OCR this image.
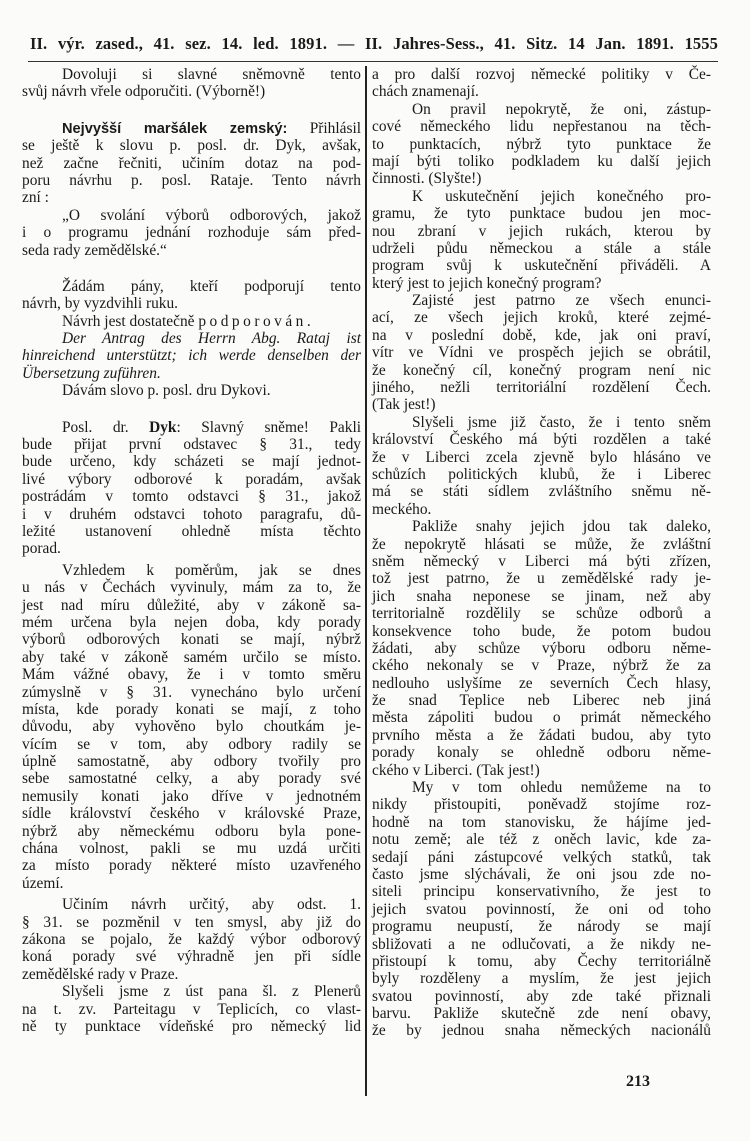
II. výr. zased., 41. sez. 14. led. 1891. — II. Jahres-Sess., 41. Sitz. 14 Jan. 1891. 1555
Dovoluji si slavné sněmovně tento
svůj návrh vřele odporučiti. (Výborně!)
Nejvyšší maršálek zemský: Přihlásil
se ještě k slovu p. posl. dr. Dyk, avšak,
než začne řečniti, učiním dotaz na pod-
poru návrhu p. posl. Rataje. Tento návrh
zní :
„O svolání výborů odborových, jakož
i o programu jednání rozhoduje sám před-
seda rady zemědělské.“
Žádám pány, kteří podporují tento
návrh, by vyzdvihli ruku.
Návrh jest dostatečně podporován.
Der Antrag des Herrn Abg. Rataj ist
hinreichend unterstützt; ich werde denselben der
Übersetzung zuführen.
Dávám slovo p. posl. dru Dykovi.
Posl. dr. Dyk: Slavný sněme! Pakli
bude přijat první odstavec § 31., tedy
bude určeno, kdy scházeti se mají jednot-
livé výbory odborové k poradám, avšak
postrádám v tomto odstavci § 31., jakož
i v druhém odstavci tohoto paragrafu, dů-
ležité ustanovení ohledně místa těchto
porad.
Vzhledem k poměrům, jak se dnes
u nás v Čechách vyvinuly, mám za to, že
jest nad míru důležité, aby v zákoně sa-
mém určena byla nejen doba, kdy porady
výborů odborových konati se mají, nýbrž
aby také v zákoně samém určilo se místo.
Mám vážné obavy, že i v tomto směru
zúmyslně v § 31. vynecháno bylo určení
místa, kde porady konati se mají, z toho
důvodu, aby vyhověno bylo choutkám je-
vícím se v tom, aby odbory radily se
úplně samostatně, aby odbory tvořily pro
sebe samostatné celky, a aby porady své
nemusily konati jako dříve v jednotném
sídle království českého v královské Praze,
nýbrž aby německému odboru byla pone-
chána volnost, pakli se mu uzdá určiti
za místo porady některé místo uzavřeného
území.
Učiním návrh určitý, aby odst. 1.
§ 31. se pozměnil v ten smysl, aby již do
zákona se pojalo, že každý výbor odborový
koná porady své výhradně jen při sídle
zemědělské rady v Praze.
Slyšeli jsme z úst pana šl. z Plenerů
na t. zv. Parteitagu v Teplicích, co vlast-
ně ty punktace vídeňské pro německý lid
a pro další rozvoj německé politiky v Če-
chách znamenají.
On pravil nepokrytě, že oni, zástup-
cové německého lidu nepřestanou na těch-
to punktacích, nýbrž tyto punktace že
mají býti toliko podkladem ku další jejich
činnosti. (Slyšte!)
K uskutečnění jejich konečného pro-
gramu, že tyto punktace budou jen moc-
nou zbraní v jejich rukách, kterou by
udrželi půdu německou a stále a stále
program svůj k uskutečnění přiváděli. A
který jest to jejich konečný program?
Zajisté jest patrno ze všech enunci-
ací, ze všech jejich kroků, které zejmé-
na v poslední době, kde, jak oni praví,
vítr ve Vídni ve prospěch jejich se obrátil,
že konečný cíl, konečný program není nic
jiného, nežli territoriální rozdělení Čech.
(Tak jest!)
Slyšeli jsme již často, že i tento sněm
království Českého má býti rozdělen a také
že v Liberci zcela zjevně bylo hlásáno ve
schůzích politických klubů, že i Liberec
má se státi sídlem zvláštního sněmu ně-
meckého.
Pakliže snahy jejich jdou tak daleko,
že nepokrytě hlásati se může, že zvláštní
sněm německý v Liberci má býti zřízen,
tož jest patrno, že u zemědělské rady je-
jich snaha neponese se jinam, než aby
territorialně rozdělily se schůze odborů a
konsekvence toho bude, že potom budou
žádati, aby schůze výboru odboru něme-
ckého nekonaly se v Praze, nýbrž že za
nedlouho uslyšíme ze severních Čech hlasy,
že snad Teplice neb Liberec neb jiná
města zápoliti budou o primát německého
prvního města a že žádati budou, aby tyto
porady konaly se ohledně odboru něme-
ckého v Liberci. (Tak jest!)
My v tom ohledu nemůžeme na to
nikdy přistoupiti, poněvadž stojíme roz-
hodně na tom stanovisku, že hájíme jed-
notu země; ale též z oněch lavic, kde za-
sedají páni zástupcové velkých statků, tak
často jsme slýchávali, že oni jsou zde no-
siteli principu konservativního, že jest to
jejich svatou povinností, že oni od toho
programu neupustí, že národy se mají
sbližovati a ne odlučovati, a že nikdy ne-
přistoupí k tomu, aby Čechy territoriálně
byly rozděleny a myslím, že jest jejich
svatou povinností, aby zde také přiznali
barvu. Pakliže skutečně zde není obavy,
že by jednou snaha německých nacionálů
213
